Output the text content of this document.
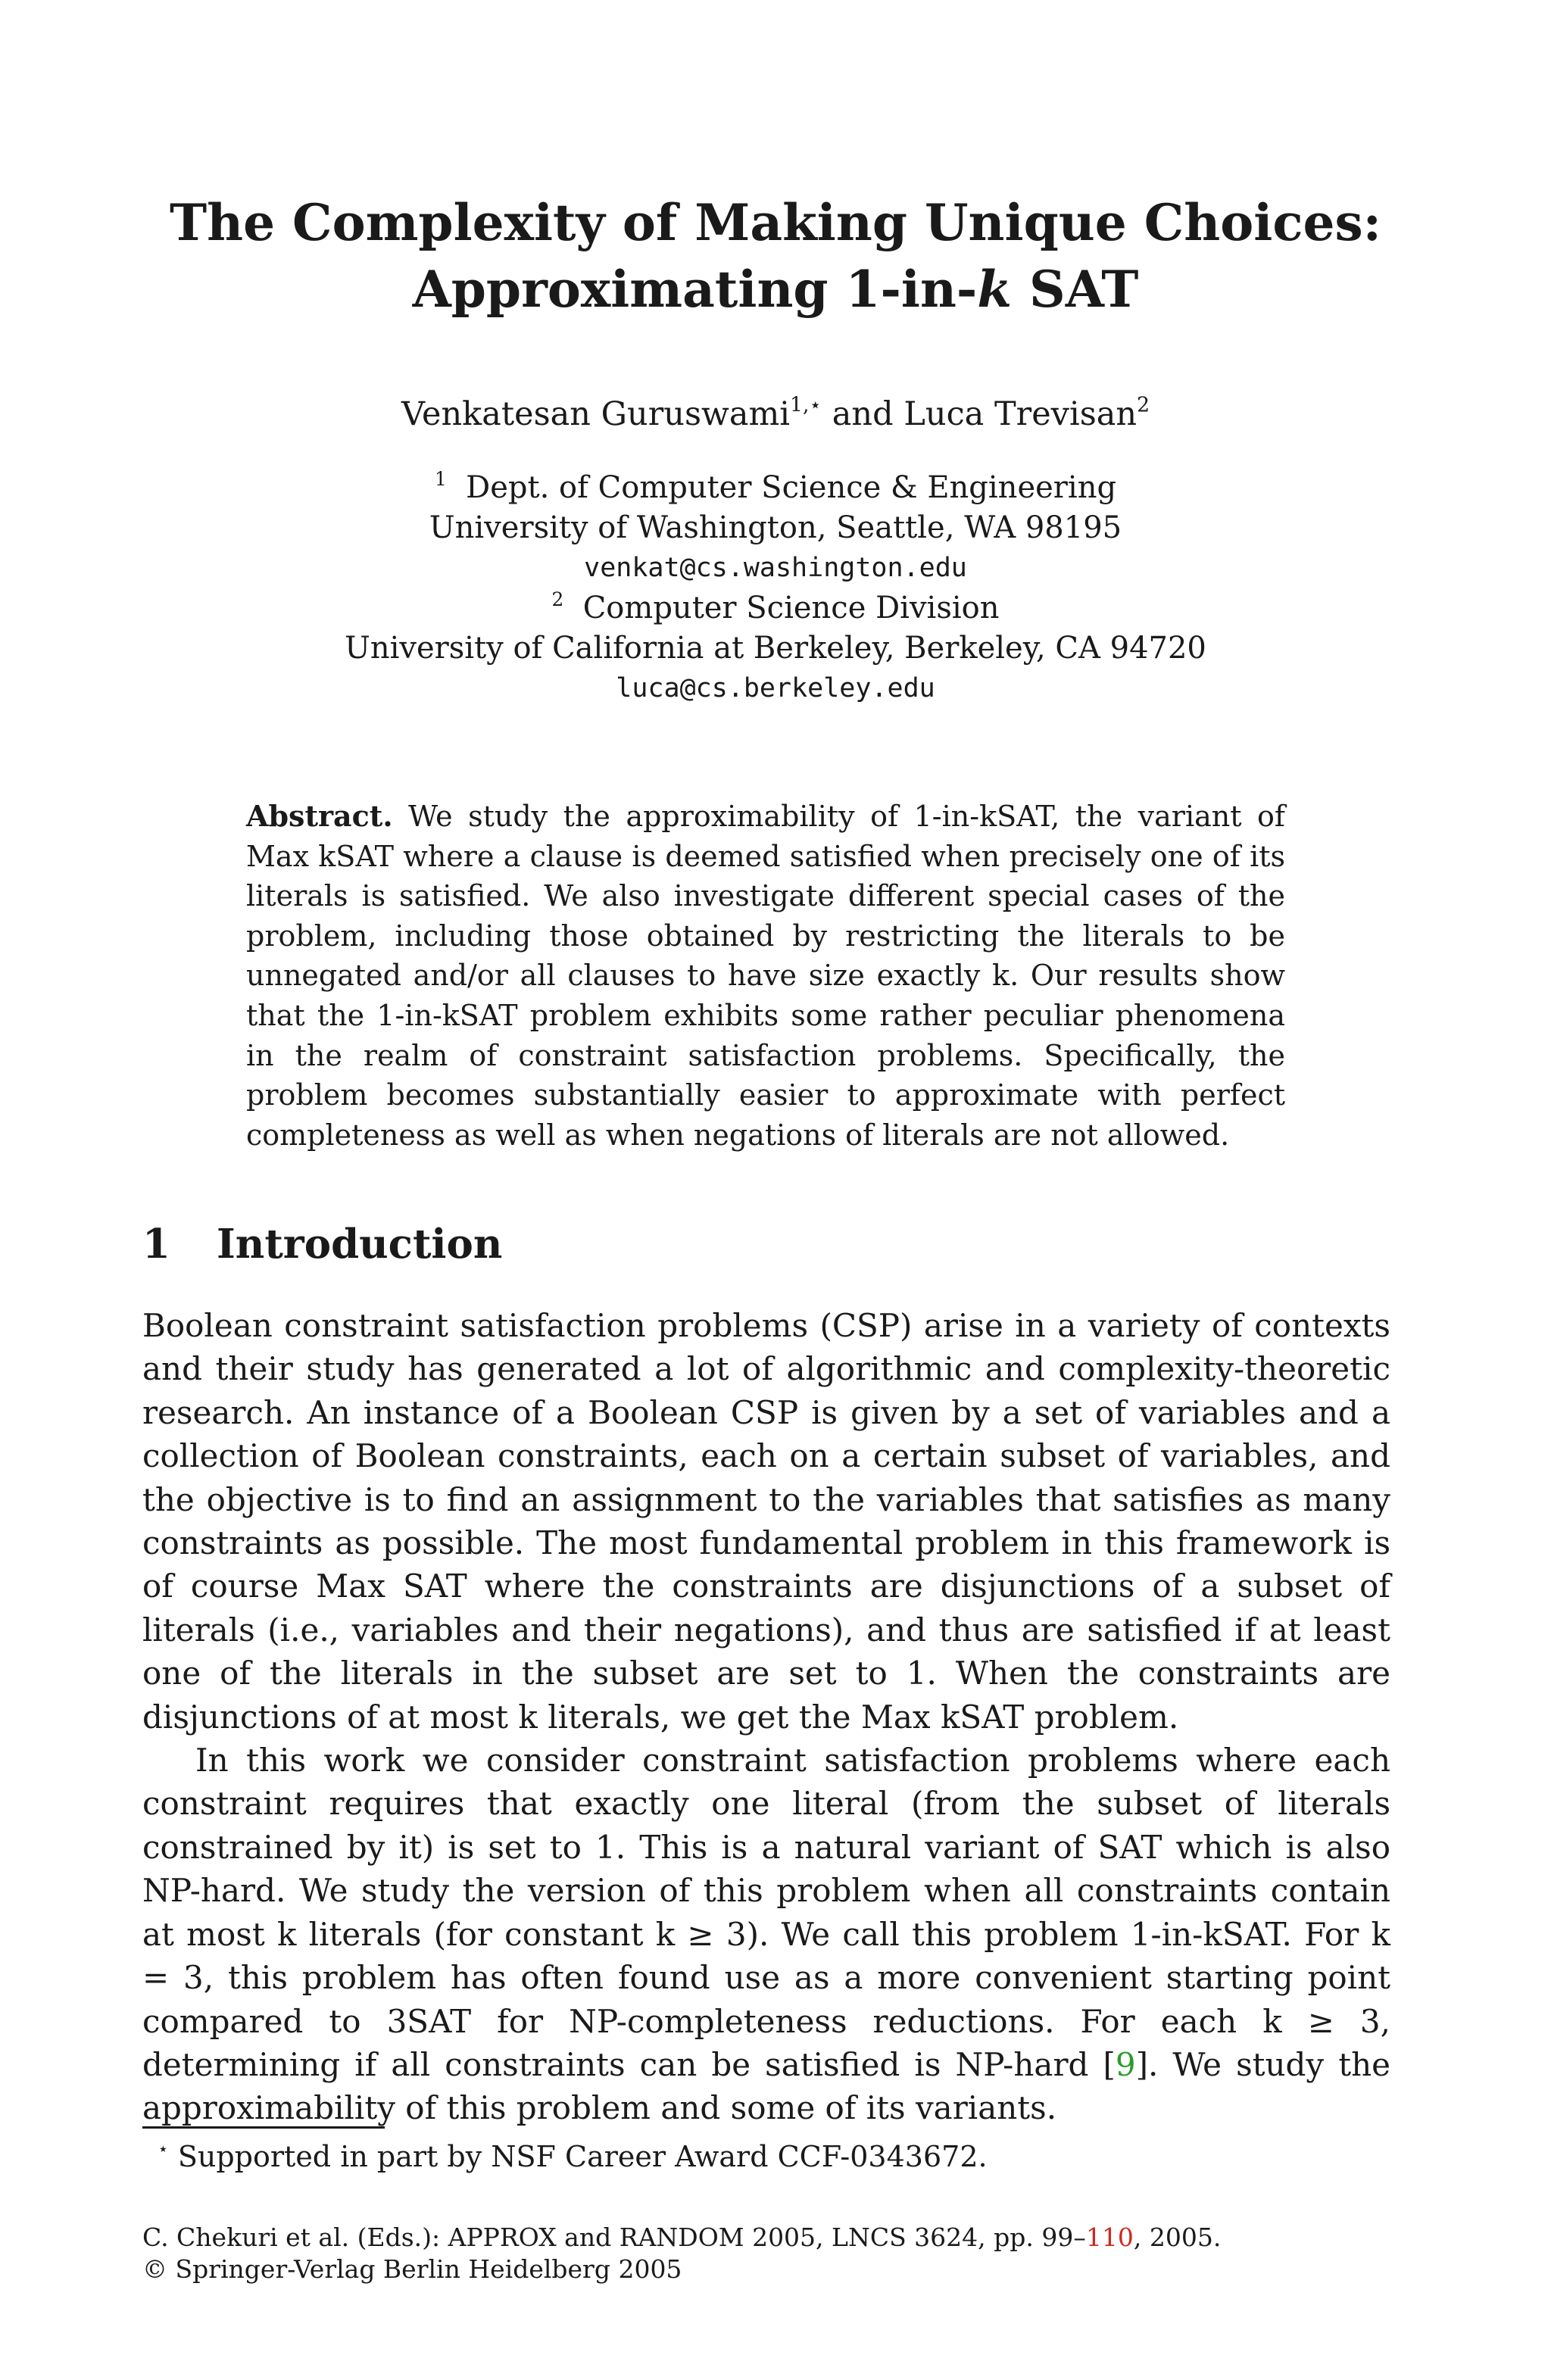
The Complexity of Making Unique Choices:
Approximating 1-in-k SAT
Venkatesan Guruswami$^{1,⋆}$ and Luca Trevisan$^2$
$^1$ Dept. of Computer Science & Engineering
University of Washington, Seattle, WA 98195
venkat@cs.washington.edu
$^2$ Computer Science Division
University of California at Berkeley, Berkeley, CA 94720
luca@cs.berkeley.edu
Abstract. We study the approximability of 1-in-kSAT, the variant of Max kSAT where a clause is deemed satisfied when precisely one of its literals is satisfied. We also investigate different special cases of the problem, including those obtained by restricting the literals to be unnegated and/or all clauses to have size exactly k. Our results show that the 1-in-kSAT problem exhibits some rather peculiar phenomena in the realm of constraint satisfaction problems. Specifically, the problem becomes substantially easier to approximate with perfect completeness as well as when negations of literals are not allowed.
1 Introduction

Boolean constraint satisfaction problems (CSP) arise in a variety of contexts and their study has generated a lot of algorithmic and complexity-theoretic research. An instance of a Boolean CSP is given by a set of variables and a collection of Boolean constraints, each on a certain subset of variables, and the objective is to find an assignment to the variables that satisfies as many constraints as possible. The most fundamental problem in this framework is of course Max SAT where the constraints are disjunctions of a subset of literals (i.e., variables and their negations), and thus are satisfied if at least one of the literals in the subset are set to 1. When the constraints are disjunctions of at most k literals, we get the Max kSAT problem.

In this work we consider constraint satisfaction problems where each constraint requires that exactly one literal (from the subset of literals constrained by it) is set to 1. This is a natural variant of SAT which is also NP-hard. We study the version of this problem when all constraints contain at most k literals (for constant k ≥ 3). We call this problem 1-in-kSAT. For k = 3, this problem has often found use as a more convenient starting point compared to 3SAT for NP-completeness reductions. For each k ≥ 3, determining if all constraints can be satisfied is NP-hard [9]. We study the approximability of this problem and some of its variants.

⋆ Supported in part by NSF Career Award CCF-0343672.
C. Chekuri et al. (Eds.): APPROX and RANDOM 2005, LNCS 3624, pp. 99–110, 2005.
© Springer-Verlag Berlin Heidelberg 2005
